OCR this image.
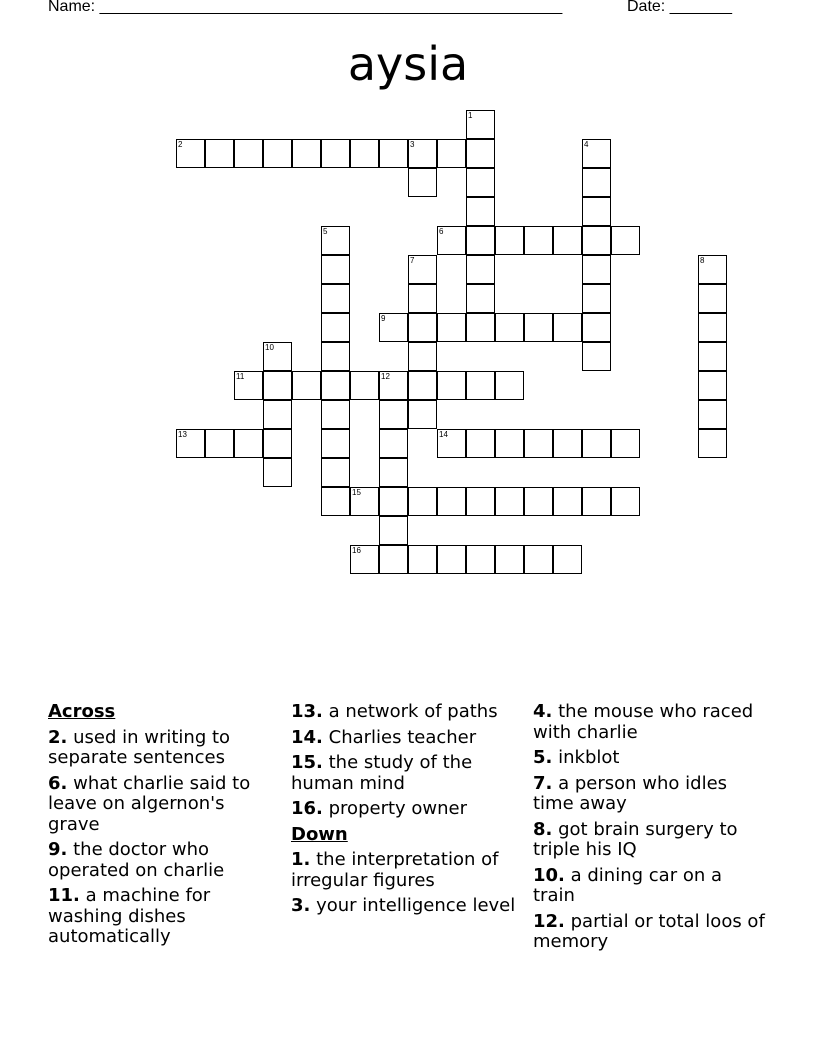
Name: ____________________________________________________	Date: _______
aysia
2	3
6
9
11	12
13	14
15
16
1
4
5
7	8
10
Across
2. used in writing to separate sentences
6. what charlie said to leave on algernon's grave
9. the doctor who operated on charlie
11. a machine for washing dishes automatically
13. a network of paths
14. Charlies teacher
15. the study of the human mind
16. property owner
Down
1. the interpretation of irregular figures
3. your intelligence level
4. the mouse who raced with charlie
5. inkblot
7. a person who idles time away
8. got brain surgery to triple his IQ
10. a dining car on a train
12. partial or total loos of memory
